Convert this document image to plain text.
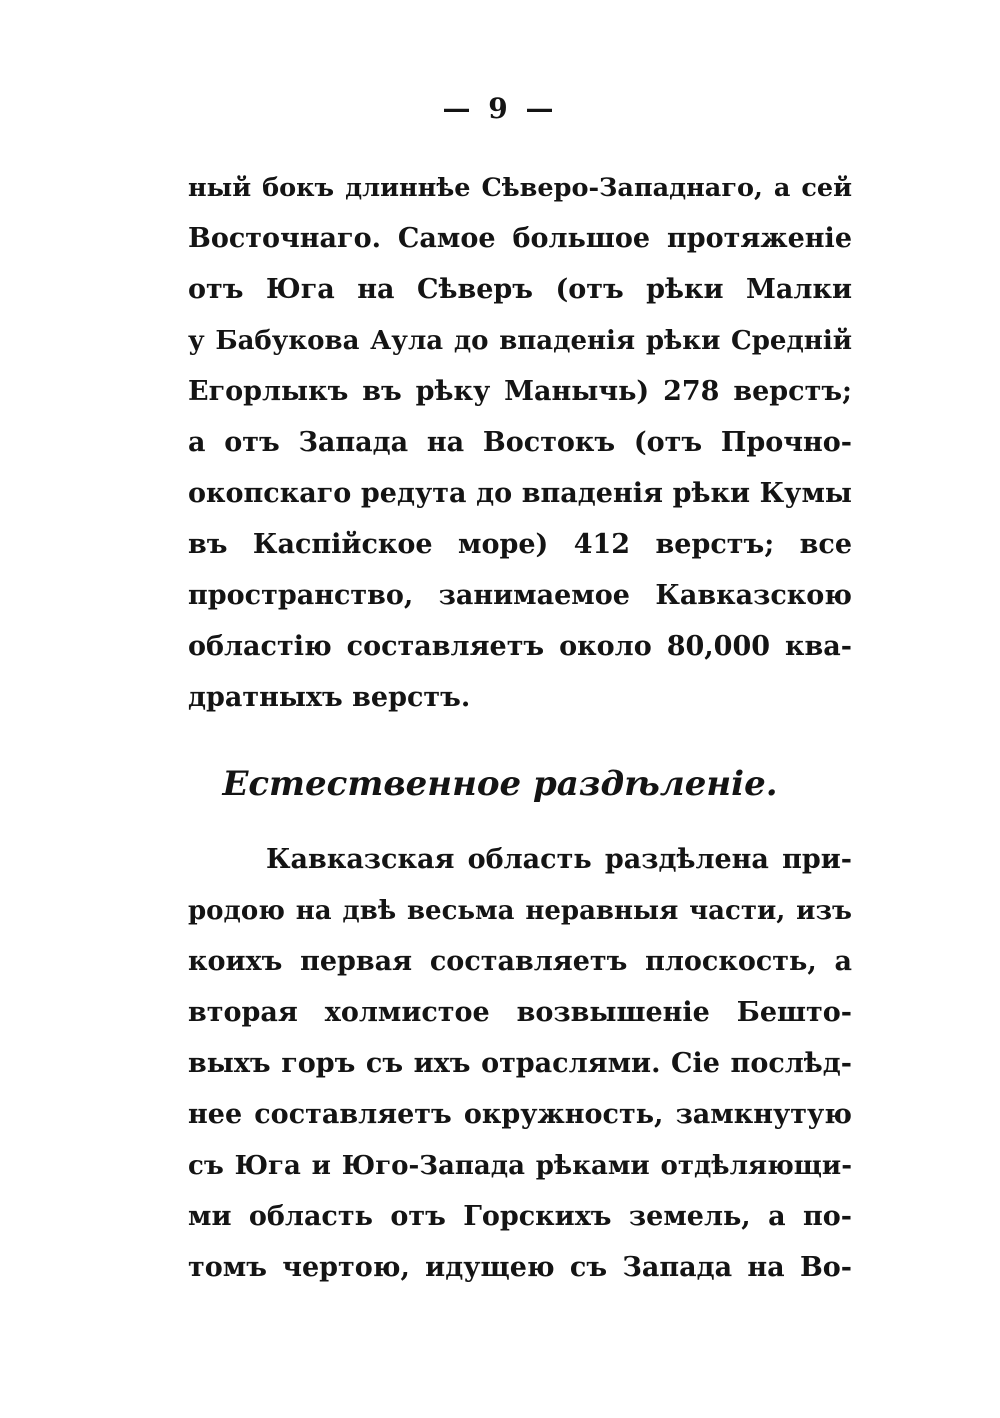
— 9 —
ный бокъ длиннѣе Сѣверо-Западнаго, а сей
Восточнаго. Самое большое протяженіе
отъ Юга на Сѣверъ (отъ рѣки Малки
у Бабукова Аула до впаденія рѣки Средній
Егорлыкъ въ рѣку Манычь) 278 верстъ;
а отъ Запада на Востокъ (отъ Прочно-
окопскаго редута до впаденія рѣки Кумы
въ Каспійское море) 412 верстъ; все
пространство, занимаемое Кавказскою
областію составляетъ около 80,000 ква-
дратныхъ верстъ.
Естественное раздѣленіе.
Кавказская область раздѣлена при-
родою на двѣ весьма неравныя части, изъ
коихъ первая составляетъ плоскость, а
вторая холмистое возвышеніе Бешто-
выхъ горъ съ ихъ отраслями. Сіе послѣд-
нее составляетъ окружность, замкнутую
съ Юга и Юго-Запада рѣками отдѣляющи-
ми область отъ Горскихъ земель, а по-
томъ чертою, идущею съ Запада на Во-
